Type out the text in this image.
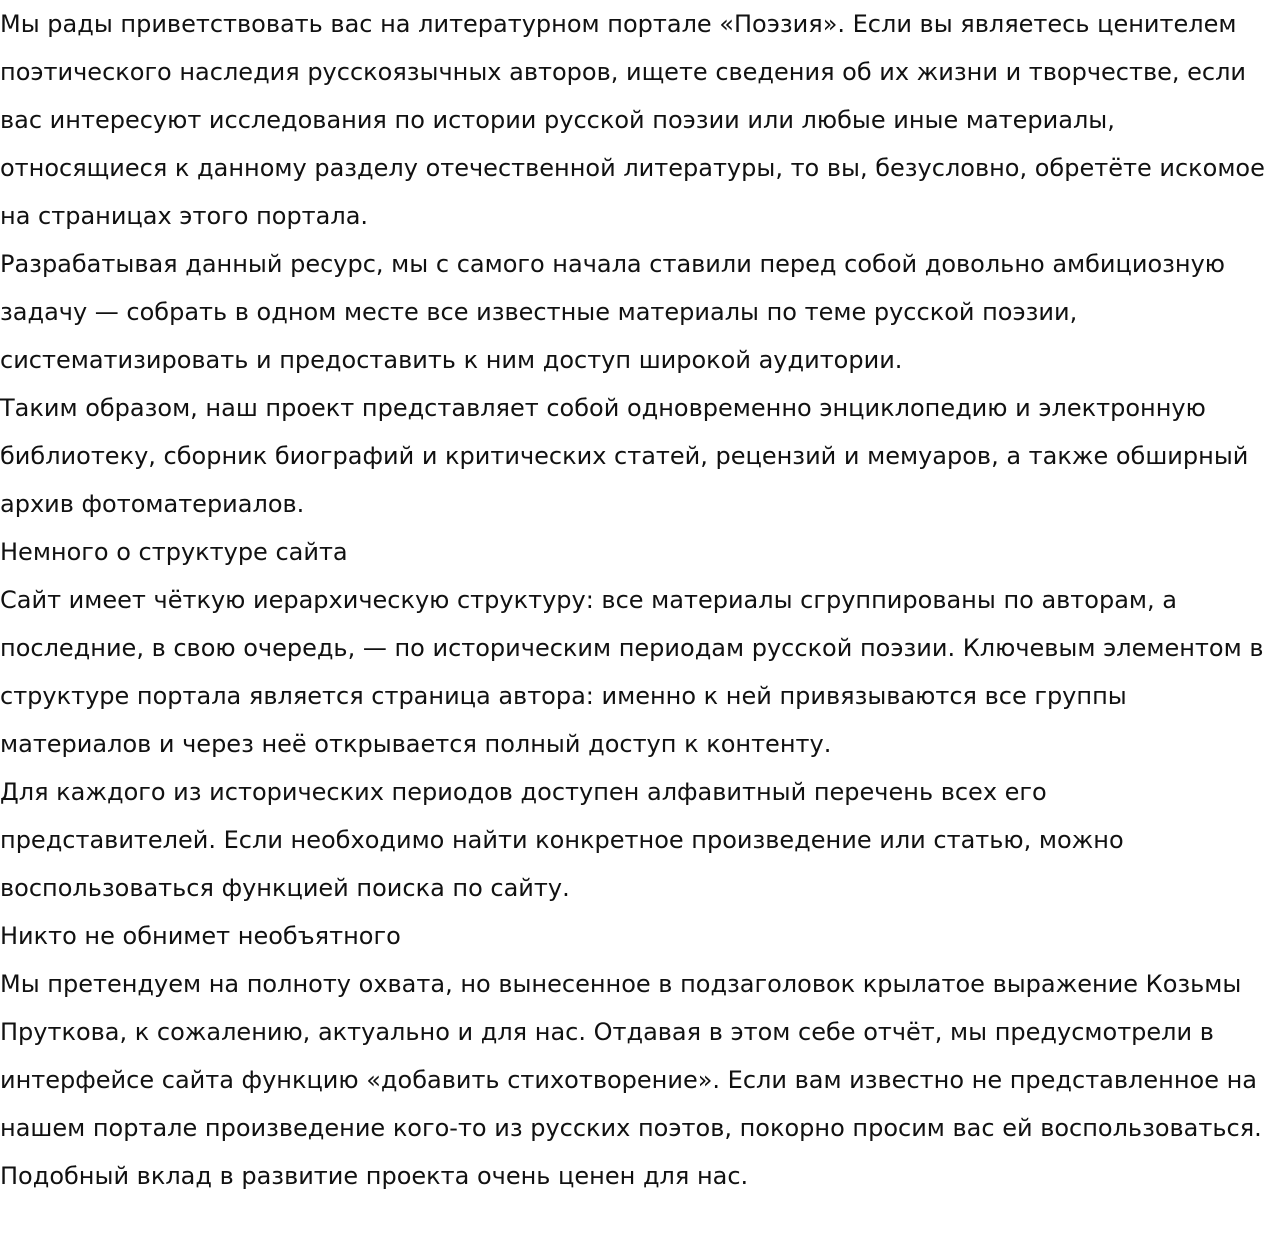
Мы рады приветствовать вас на литературном портале «Поэзия». Если вы являетесь ценителем поэтического наследия русскоязычных авторов, ищете сведения об их жизни и творчестве, если вас интересуют исследования по истории русской поэзии или любые иные материалы, относящиеся к данному разделу отечественной литературы, то вы, безусловно, обретёте искомое на страницах этого портала.

Разрабатывая данный ресурс, мы с самого начала ставили перед собой довольно амбициозную задачу — собрать в одном месте все известные материалы по теме русской поэзии, систематизировать и предоставить к ним доступ широкой аудитории.

Таким образом, наш проект представляет собой одновременно энциклопедию и электронную библиотеку, сборник биографий и критических статей, рецензий и мемуаров, а также обширный архив фотоматериалов.

Немного о структуре сайта

Сайт имеет чёткую иерархическую структуру: все материалы сгруппированы по авторам, а последние, в свою очередь, — по историческим периодам русской поэзии. Ключевым элементом в структуре портала является страница автора: именно к ней привязываются все группы материалов и через неё открывается полный доступ к контенту.

Для каждого из исторических периодов доступен алфавитный перечень всех его представителей. Если необходимо найти конкретное произведение или статью, можно воспользоваться функцией поиска по сайту.

Никто не обнимет необъятного

Мы претендуем на полноту охвата, но вынесенное в подзаголовок крылатое выражение Козьмы Пруткова, к сожалению, актуально и для нас. Отдавая в этом себе отчёт, мы предусмотрели в интерфейсе сайта функцию «добавить стихотворение». Если вам известно не представленное на нашем портале произведение кого-то из русских поэтов, покорно просим вас ей воспользоваться. Подобный вклад в развитие проекта очень ценен для нас.
